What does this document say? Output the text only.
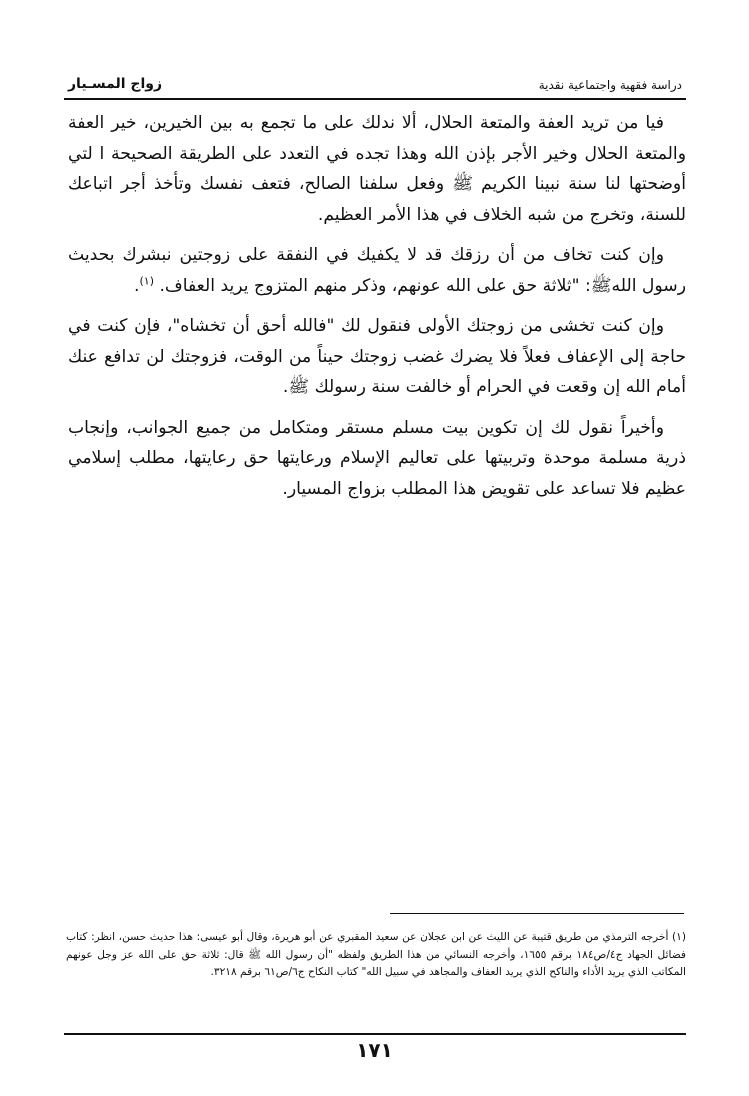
زواج المسـيار	دراسة فقهية واجتماعية نقدية

فيا من تريد العفة والمتعة الحلال، ألا ندلك على ما تجمع به بين الخيرين، خير العفة والمتعة الحلال وخير الأجر بإذن الله وهذا تجده في التعدد على الطريقة الصحيحة ا لتي أوضحتها لنا سنة نبينا الكريم ﷺ وفعل سلفنا الصالح، فتعف نفسك وتأخذ أجر اتباعك للسنة، وتخرج من شبه الخلاف في هذا الأمر العظيم.

وإن كنت تخاف من أن رزقك قد لا يكفيك في النفقة على زوجتين نبشرك بحديث رسول اللهﷺ: "ثلاثة حق على الله عونهم، وذكر منهم المتزوج يريد العفاف. $^{(١)}$.

وإن كنت تخشى من زوجتك الأولى فنقول لك "فالله أحق أن تخشاه"، فإن كنت في حاجة إلى الإعفاف فعلاً فلا يضرك غضب زوجتك حيناً من الوقت، فزوجتك لن تدافع عنك أمام الله إن وقعت في الحرام أو خالفت سنة رسولك ﷺ.

وأخيراً نقول لك إن تكوين بيت مسلم مستقر ومتكامل من جميع الجوانب، وإنجاب ذرية مسلمة موحدة وتربيتها على تعاليم الإسلام ورعايتها حق رعايتها، مطلب إسلامي عظيم فلا تساعد على تقويض هذا المطلب بزواج المسيار.

(١) أخرجه الترمذي من طريق قتيبة عن الليث عن ابن عجلان عن سعيد المقبري عن أبو هريرة، وقال أبو عيسى: هذا حديث حسن، انظر: كتاب فضائل الجهاد ج٤/ص١٨٤ برقم ١٦٥٥، وأخرجه النسائي من هذا الطريق ولفظه "أن رسول الله ﷺ قال: ثلاثة حق على الله عز وجل عونهم المكاتب الذي يريد الأداء والناكح الذي يريد العفاف والمجاهد في سبيل الله" كتاب النكاح ج٦/ص٦١ برقم ٣٢١٨.
١٧١
